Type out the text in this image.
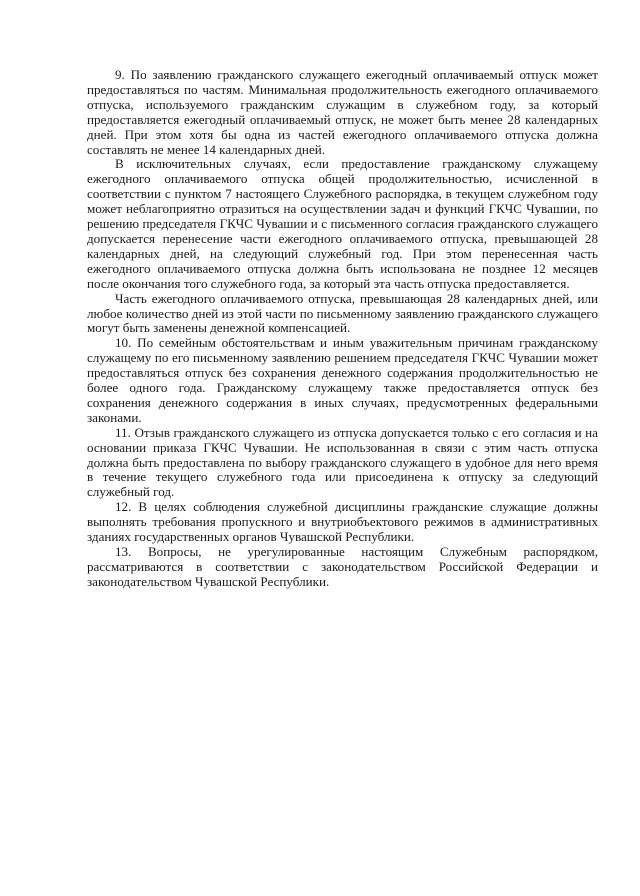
9. По заявлению гражданского служащего ежегодный оплачиваемый отпуск может предоставляться по частям. Минимальная продолжительность ежегодного оплачиваемого отпуска, используемого гражданским служащим в служебном году, за который предоставляется ежегодный оплачиваемый отпуск, не может быть менее 28 календарных дней. При этом хотя бы одна из частей ежегодного оплачиваемого отпуска должна составлять не менее 14 календарных дней.

В исключительных случаях, если предоставление гражданскому служащему ежегодного оплачиваемого отпуска общей продолжительностью, исчисленной в соответствии с пунктом 7 настоящего Служебного распорядка, в текущем служебном году может неблагоприятно отразиться на осуществлении задач и функций ГКЧС Чувашии, по решению председателя ГКЧС Чувашии и с письменного согласия гражданского служащего допускается перенесение части ежегодного оплачиваемого отпуска, превышающей 28 календарных дней, на следующий служебный год. При этом перенесенная часть ежегодного оплачиваемого отпуска должна быть использована не позднее 12 месяцев после окончания того служебного года, за который эта часть отпуска предоставляется.

Часть ежегодного оплачиваемого отпуска, превышающая 28 календарных дней, или любое количество дней из этой части по письменному заявлению гражданского служащего могут быть заменены денежной компенсацией.

10. По семейным обстоятельствам и иным уважительным причинам гражданскому служащему по его письменному заявлению решением председателя ГКЧС Чувашии может предоставляться отпуск без сохранения денежного содержания продолжительностью не более одного года. Гражданскому служащему также предоставляется отпуск без сохранения денежного содержания в иных случаях, предусмотренных федеральными законами.

11. Отзыв гражданского служащего из отпуска допускается только с его согласия и на основании приказа ГКЧС Чувашии. Не использованная в связи с этим часть отпуска должна быть предоставлена по выбору гражданского служащего в удобное для него время в течение текущего служебного года или присоединена к отпуску за следующий служебный год.

12. В целях соблюдения служебной дисциплины гражданские служащие должны выполнять требования пропускного и внутриобъектового режимов в административных зданиях государственных органов Чувашской Республики.

13. Вопросы, не урегулированные настоящим Служебным распорядком, рассматриваются в соответствии с законодательством Российской Федерации и законодательством Чувашской Республики.
